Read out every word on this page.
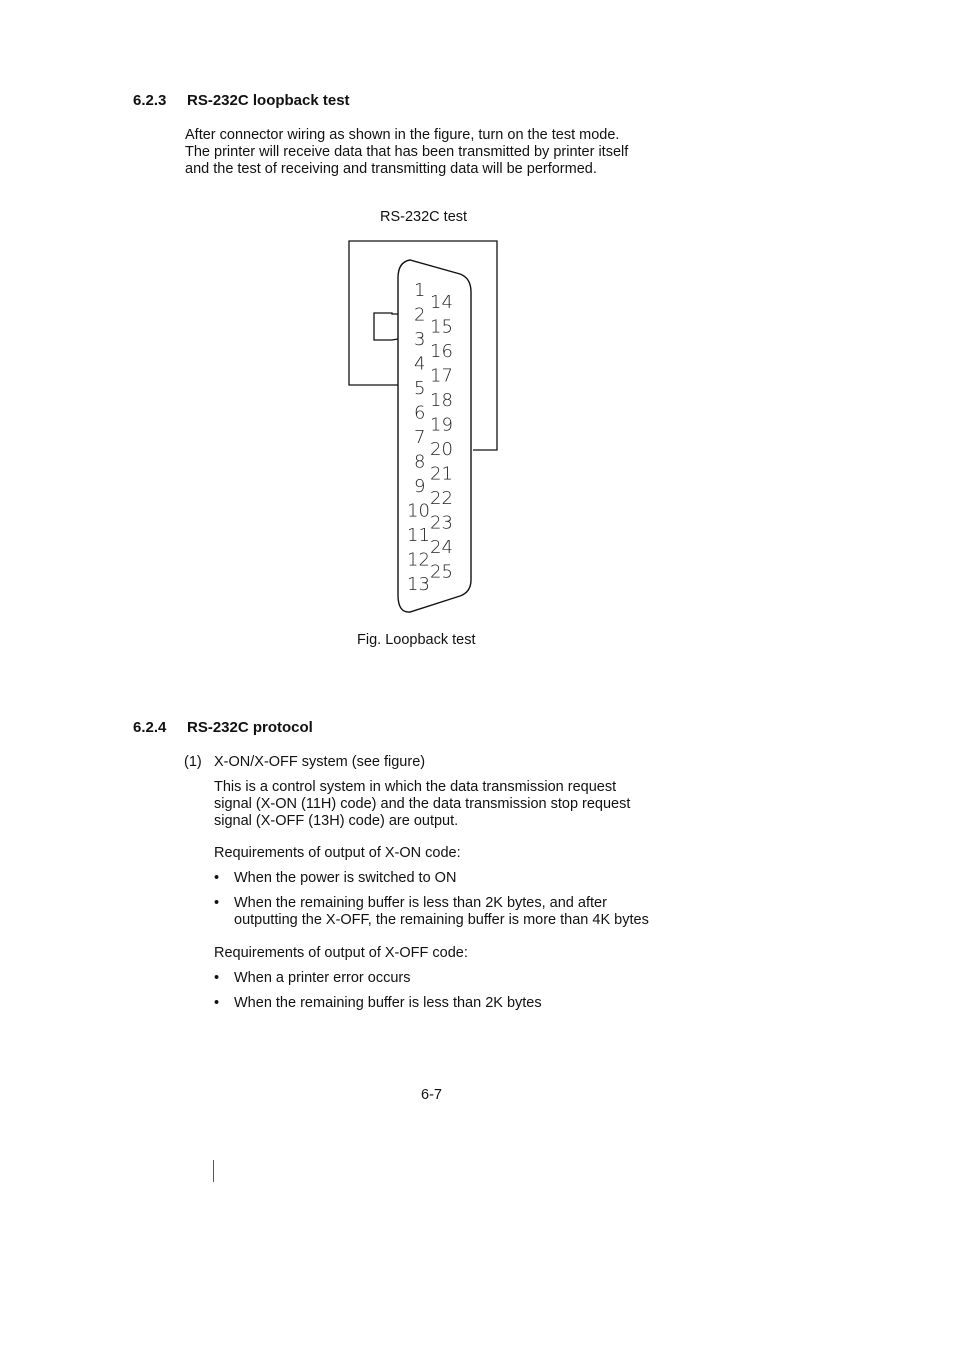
6.2.3 RS-232C loopback test
After connector wiring as shown in the figure, turn on the test mode.
The printer will receive data that has been transmitted by printer itself
and the test of receiving and transmitting data will be performed.
RS-232C test
1
2
3
4
5
6
7
8
9
10
11
12
13
14
15
16
17
18
19
20
21
22
23
24
25
Fig. Loopback test
6.2.4 RS-232C protocol
(1) X-ON/X-OFF system (see figure)
This is a control system in which the data transmission request
signal (X-ON (11H) code) and the data transmission stop request
signal (X-OFF (13H) code) are output.
Requirements of output of X-ON code:
• When the power is switched to ON
• When the remaining buffer is less than 2K bytes, and after
outputting the X-OFF, the remaining buffer is more than 4K bytes
Requirements of output of X-OFF code:
• When a printer error occurs
• When the remaining buffer is less than 2K bytes
6-7
